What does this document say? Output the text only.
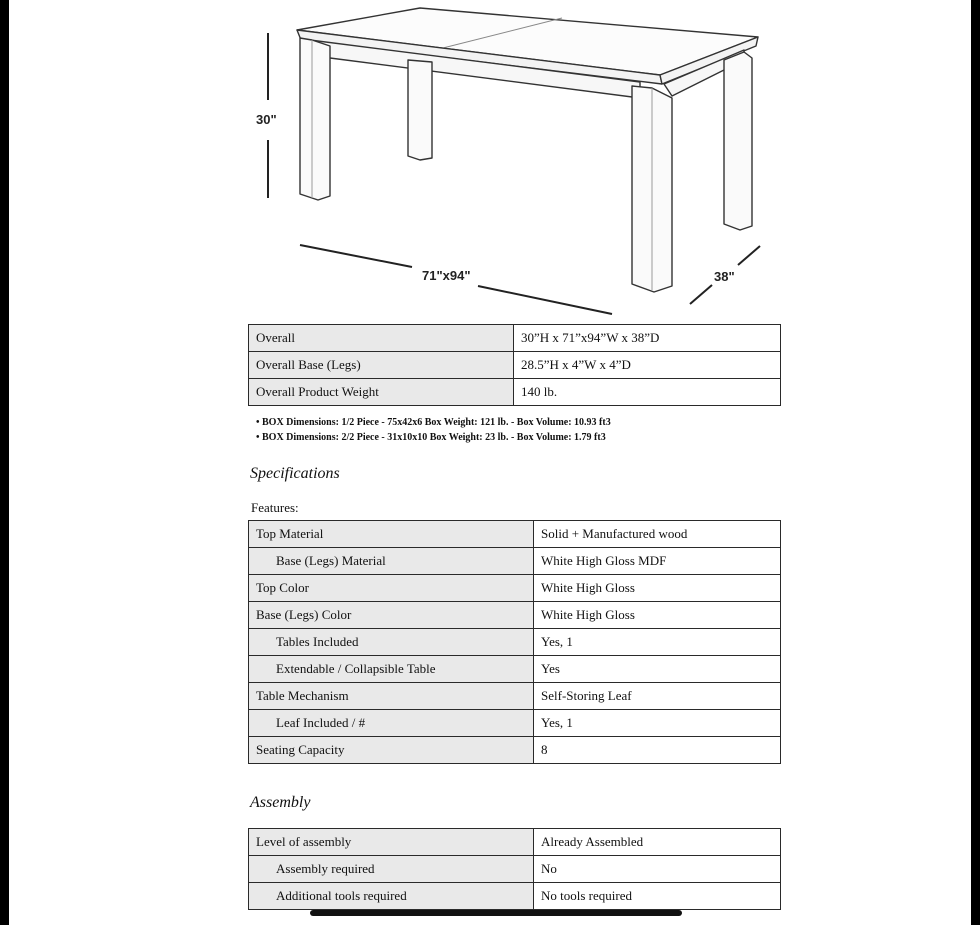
30"
71"x94"	38"
Overall	30”H x 71”x94”W x 38”D
Overall Base (Legs)	28.5”H x 4”W x 4”D
Overall Product Weight	140 lb.
• BOX Dimensions: 1/2 Piece - 75x42x6 Box Weight: 121 lb. - Box Volume: 10.93 ft3
• BOX Dimensions: 2/2 Piece - 31x10x10 Box Weight: 23 lb. - Box Volume: 1.79 ft3
Specifications
Features:
Top Material	Solid + Manufactured wood
Base (Legs) Material	White High Gloss MDF
Top Color	White High Gloss
Base (Legs) Color	White High Gloss
Tables Included	Yes, 1
Extendable / Collapsible Table	Yes
Table Mechanism	Self-Storing Leaf
Leaf Included / #	Yes, 1
Seating Capacity	8
Assembly
Level of assembly	Already Assembled
Assembly required	No
Additional tools required	No tools required
